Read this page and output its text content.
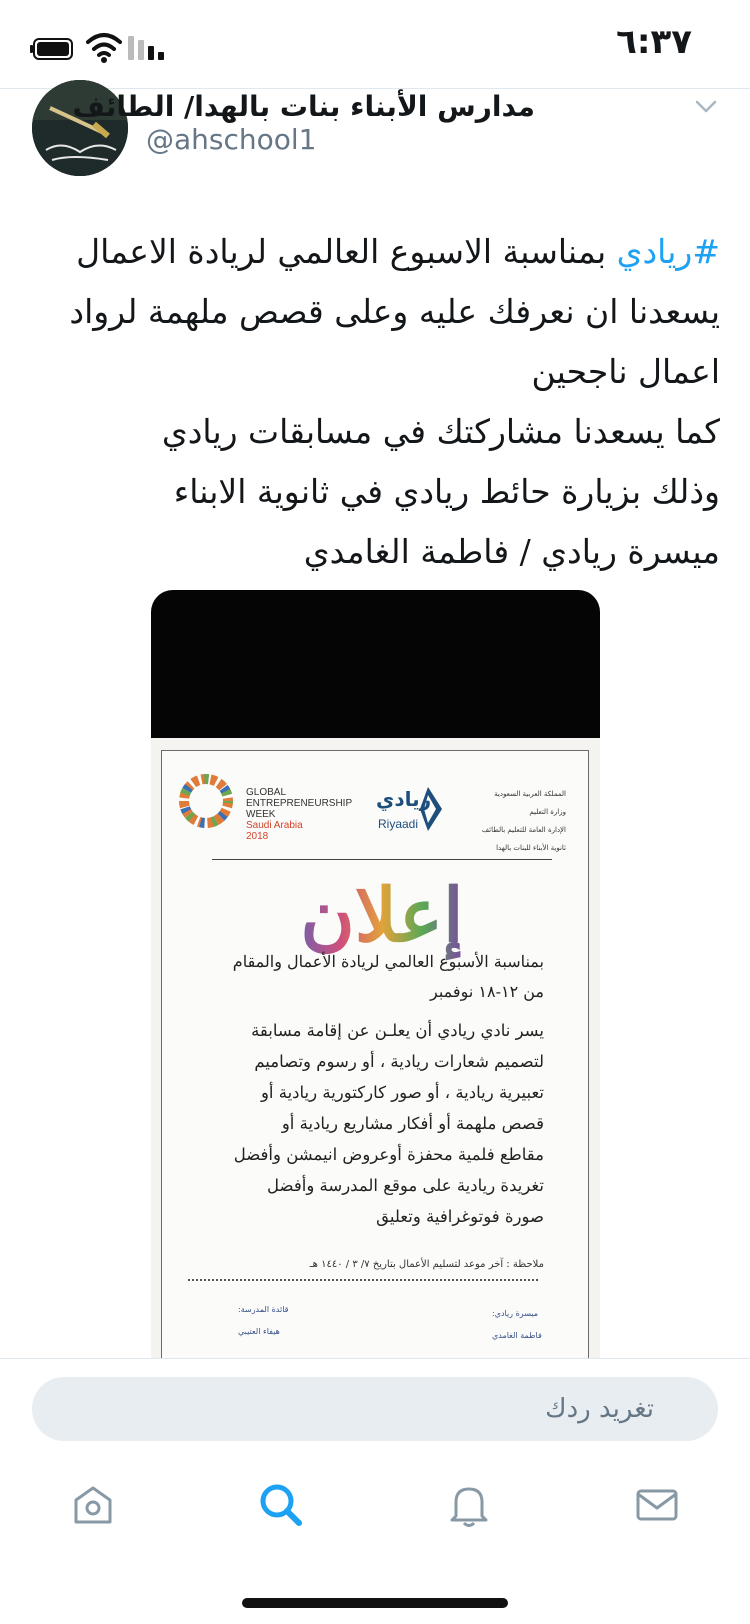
٦:٣٧
مدارس الأبناء بنات بالهدا/ الطائف
@ahschool1
#ريادي بمناسبة الاسبوع العالمي لريادة الاعمال
يسعدنا ان نعرفك عليه وعلى قصص ملهمة لرواد
اعمال ناجحين
كما يسعدنا مشاركتك في مسابقات ريادي
وذلك بزيارة حائط ريادي في ثانوية الابناء
ميسرة ريادي / فاطمة الغامدي
GLOBAL
ENTREPRENEURSHIP
WEEK
Saudi Arabia
2018
ريادي
Riyaadi
المملكة العربية السعودية
وزارة التعليم
الإدارة العامة للتعليم بالطائف
ثانوية الأبناء للبنات بالهدا
إعلان
بمناسبة الأسبوع العالمي لريادة الأعمال والمقام
من ١٢-١٨ نوفمبر
يسر نادي ريادي أن يعلـن عن إقامة مسابقة
لتصميم شعارات ريادية ، أو رسوم وتصاميم
تعبيرية ريادية ، أو صور كاركتورية ريادية أو
قصص ملهمة أو أفكار مشاريع ريادية أو
مقاطع فلمية محفزة أوعروض انيمشن وأفضل
تغريدة ريادية على موقع المدرسة وأفضل
صورة فوتوغرافية وتعليق
ملاحظة : آخر موعد لتسليم الأعمال بتاريخ ٧/ ٣ / ١٤٤٠ هـ
قائدة المدرسة:
هيفاء العتيبي
ميسرة ريادي:
فاطمة الغامدي
تغريد ردك
